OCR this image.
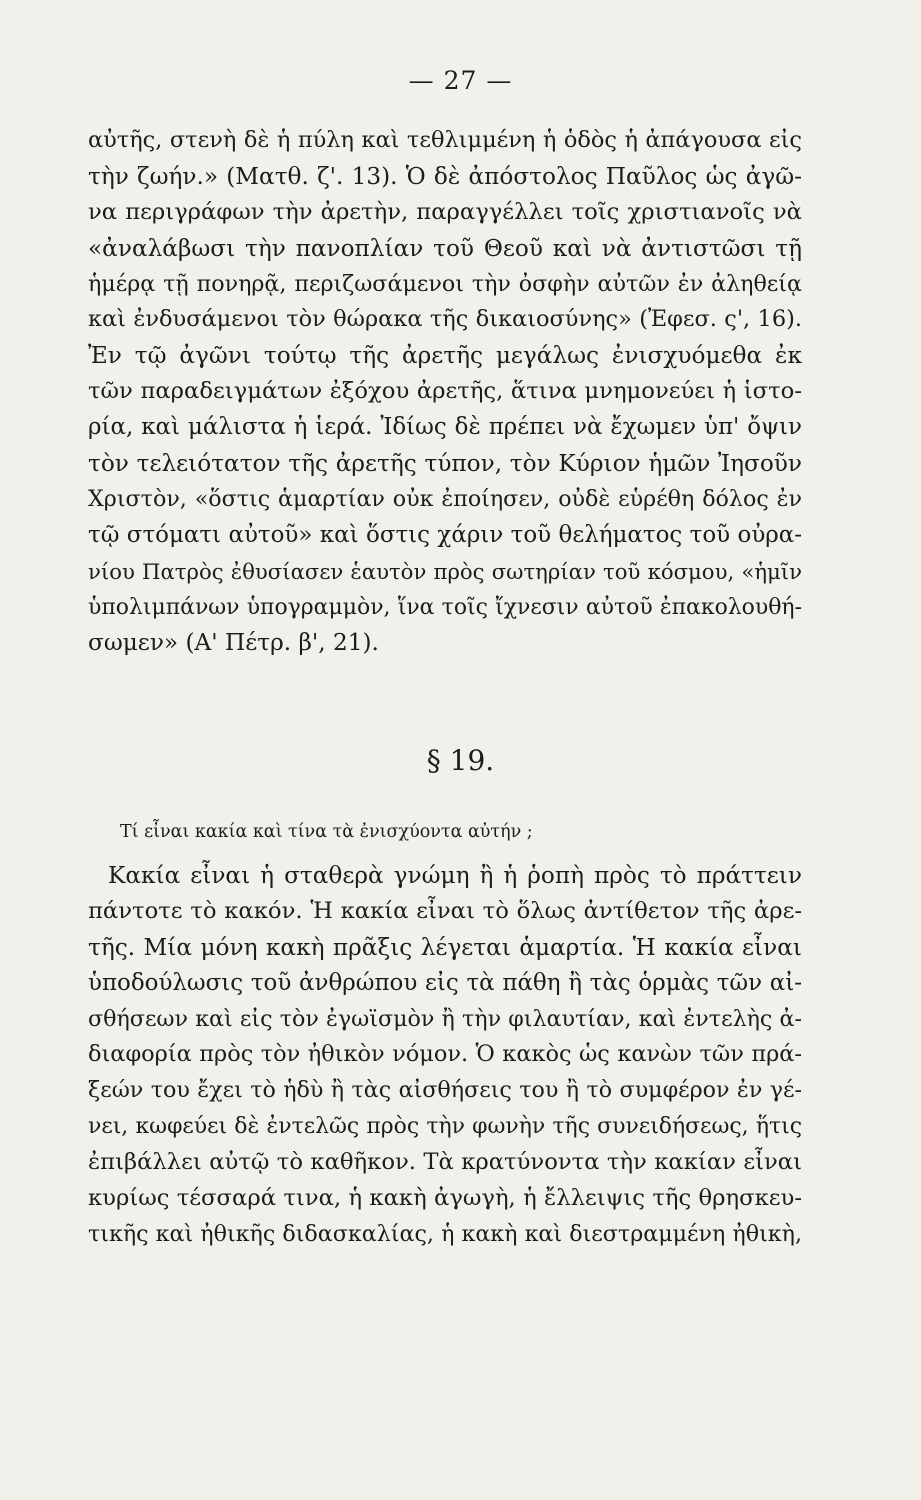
— 27 —
αὐτῆς, στενὴ δὲ ἡ πύλη καὶ τεθλιμμένη ἡ ὁδὸς ἡ ἀπάγουσα εἰς
τὴν ζωήν.» (Ματθ. ζ'. 13). Ὁ δὲ ἀπόστολος Παῦλος ὡς ἀγῶ-
να περιγράφων τὴν ἀρετὴν, παραγγέλλει τοῖς χριστιανοῖς νὰ
«ἀναλάβωσι τὴν πανοπλίαν τοῦ Θεοῦ καὶ νὰ ἀντιστῶσι τῇ
ἡμέρᾳ τῇ πονηρᾷ, περιζωσάμενοι τὴν ὀσφὴν αὐτῶν ἐν ἀληθείᾳ
καὶ ἐνδυσάμενοι τὸν θώρακα τῆς δικαιοσύνης» (Ἐφεσ. ς', 16).
Ἐν τῷ ἀγῶνι τούτῳ τῆς ἀρετῆς μεγάλως ἐνισχυόμεθα ἐκ
τῶν παραδειγμάτων ἐξόχου ἀρετῆς, ἅτινα μνημονεύει ἡ ἱστο-
ρία, καὶ μάλιστα ἡ ἱερά. Ἰδίως δὲ πρέπει νὰ ἔχωμεν ὑπ' ὄψιν
τὸν τελειότατον τῆς ἀρετῆς τύπον, τὸν Κύριον ἡμῶν Ἰησοῦν
Χριστὸν, «ὅστις ἁμαρτίαν οὐκ ἐποίησεν, οὐδὲ εὑρέθη δόλος ἐν
τῷ στόματι αὐτοῦ» καὶ ὅστις χάριν τοῦ θελήματος τοῦ οὐρα-
νίου Πατρὸς ἐθυσίασεν ἑαυτὸν πρὸς σωτηρίαν τοῦ κόσμου, «ἡμῖν
ὑπολιμπάνων ὑπογραμμὸν, ἵνα τοῖς ἴχνεσιν αὐτοῦ ἐπακολουθή-
σωμεν» (Α' Πέτρ. β', 21).
§ 19.
Τί εἶναι κακία καὶ τίνα τὰ ἐνισχύοντα αὐτήν ;
Κακία εἶναι ἡ σταθερὰ γνώμη ἢ ἡ ῥοπὴ πρὸς τὸ πράττειν
πάντοτε τὸ κακόν. Ἡ κακία εἶναι τὸ ὅλως ἀντίθετον τῆς ἀρε-
τῆς. Μία μόνη κακὴ πρᾶξις λέγεται ἁμαρτία. Ἡ κακία εἶναι
ὑποδούλωσις τοῦ ἀνθρώπου εἰς τὰ πάθη ἢ τὰς ὁρμὰς τῶν αἰ-
σθήσεων καὶ εἰς τὸν ἐγωϊσμὸν ἢ τὴν φιλαυτίαν, καὶ ἐντελὴς ἀ-
διαφορία πρὸς τὸν ἠθικὸν νόμον. Ὁ κακὸς ὡς κανὼν τῶν πρά-
ξεών του ἔχει τὸ ἡδὺ ἢ τὰς αἰσθήσεις του ἢ τὸ συμφέρον ἐν γέ-
νει, κωφεύει δὲ ἐντελῶς πρὸς τὴν φωνὴν τῆς συνειδήσεως, ἥτις
ἐπιβάλλει αὐτῷ τὸ καθῆκον. Τὰ κρατύνοντα τὴν κακίαν εἶναι
κυρίως τέσσαρά τινα, ἡ κακὴ ἀγωγὴ, ἡ ἔλλειψις τῆς θρησκευ-
τικῆς καὶ ἠθικῆς διδασκαλίας, ἡ κακὴ καὶ διεστραμμένη ἠθικὴ,
